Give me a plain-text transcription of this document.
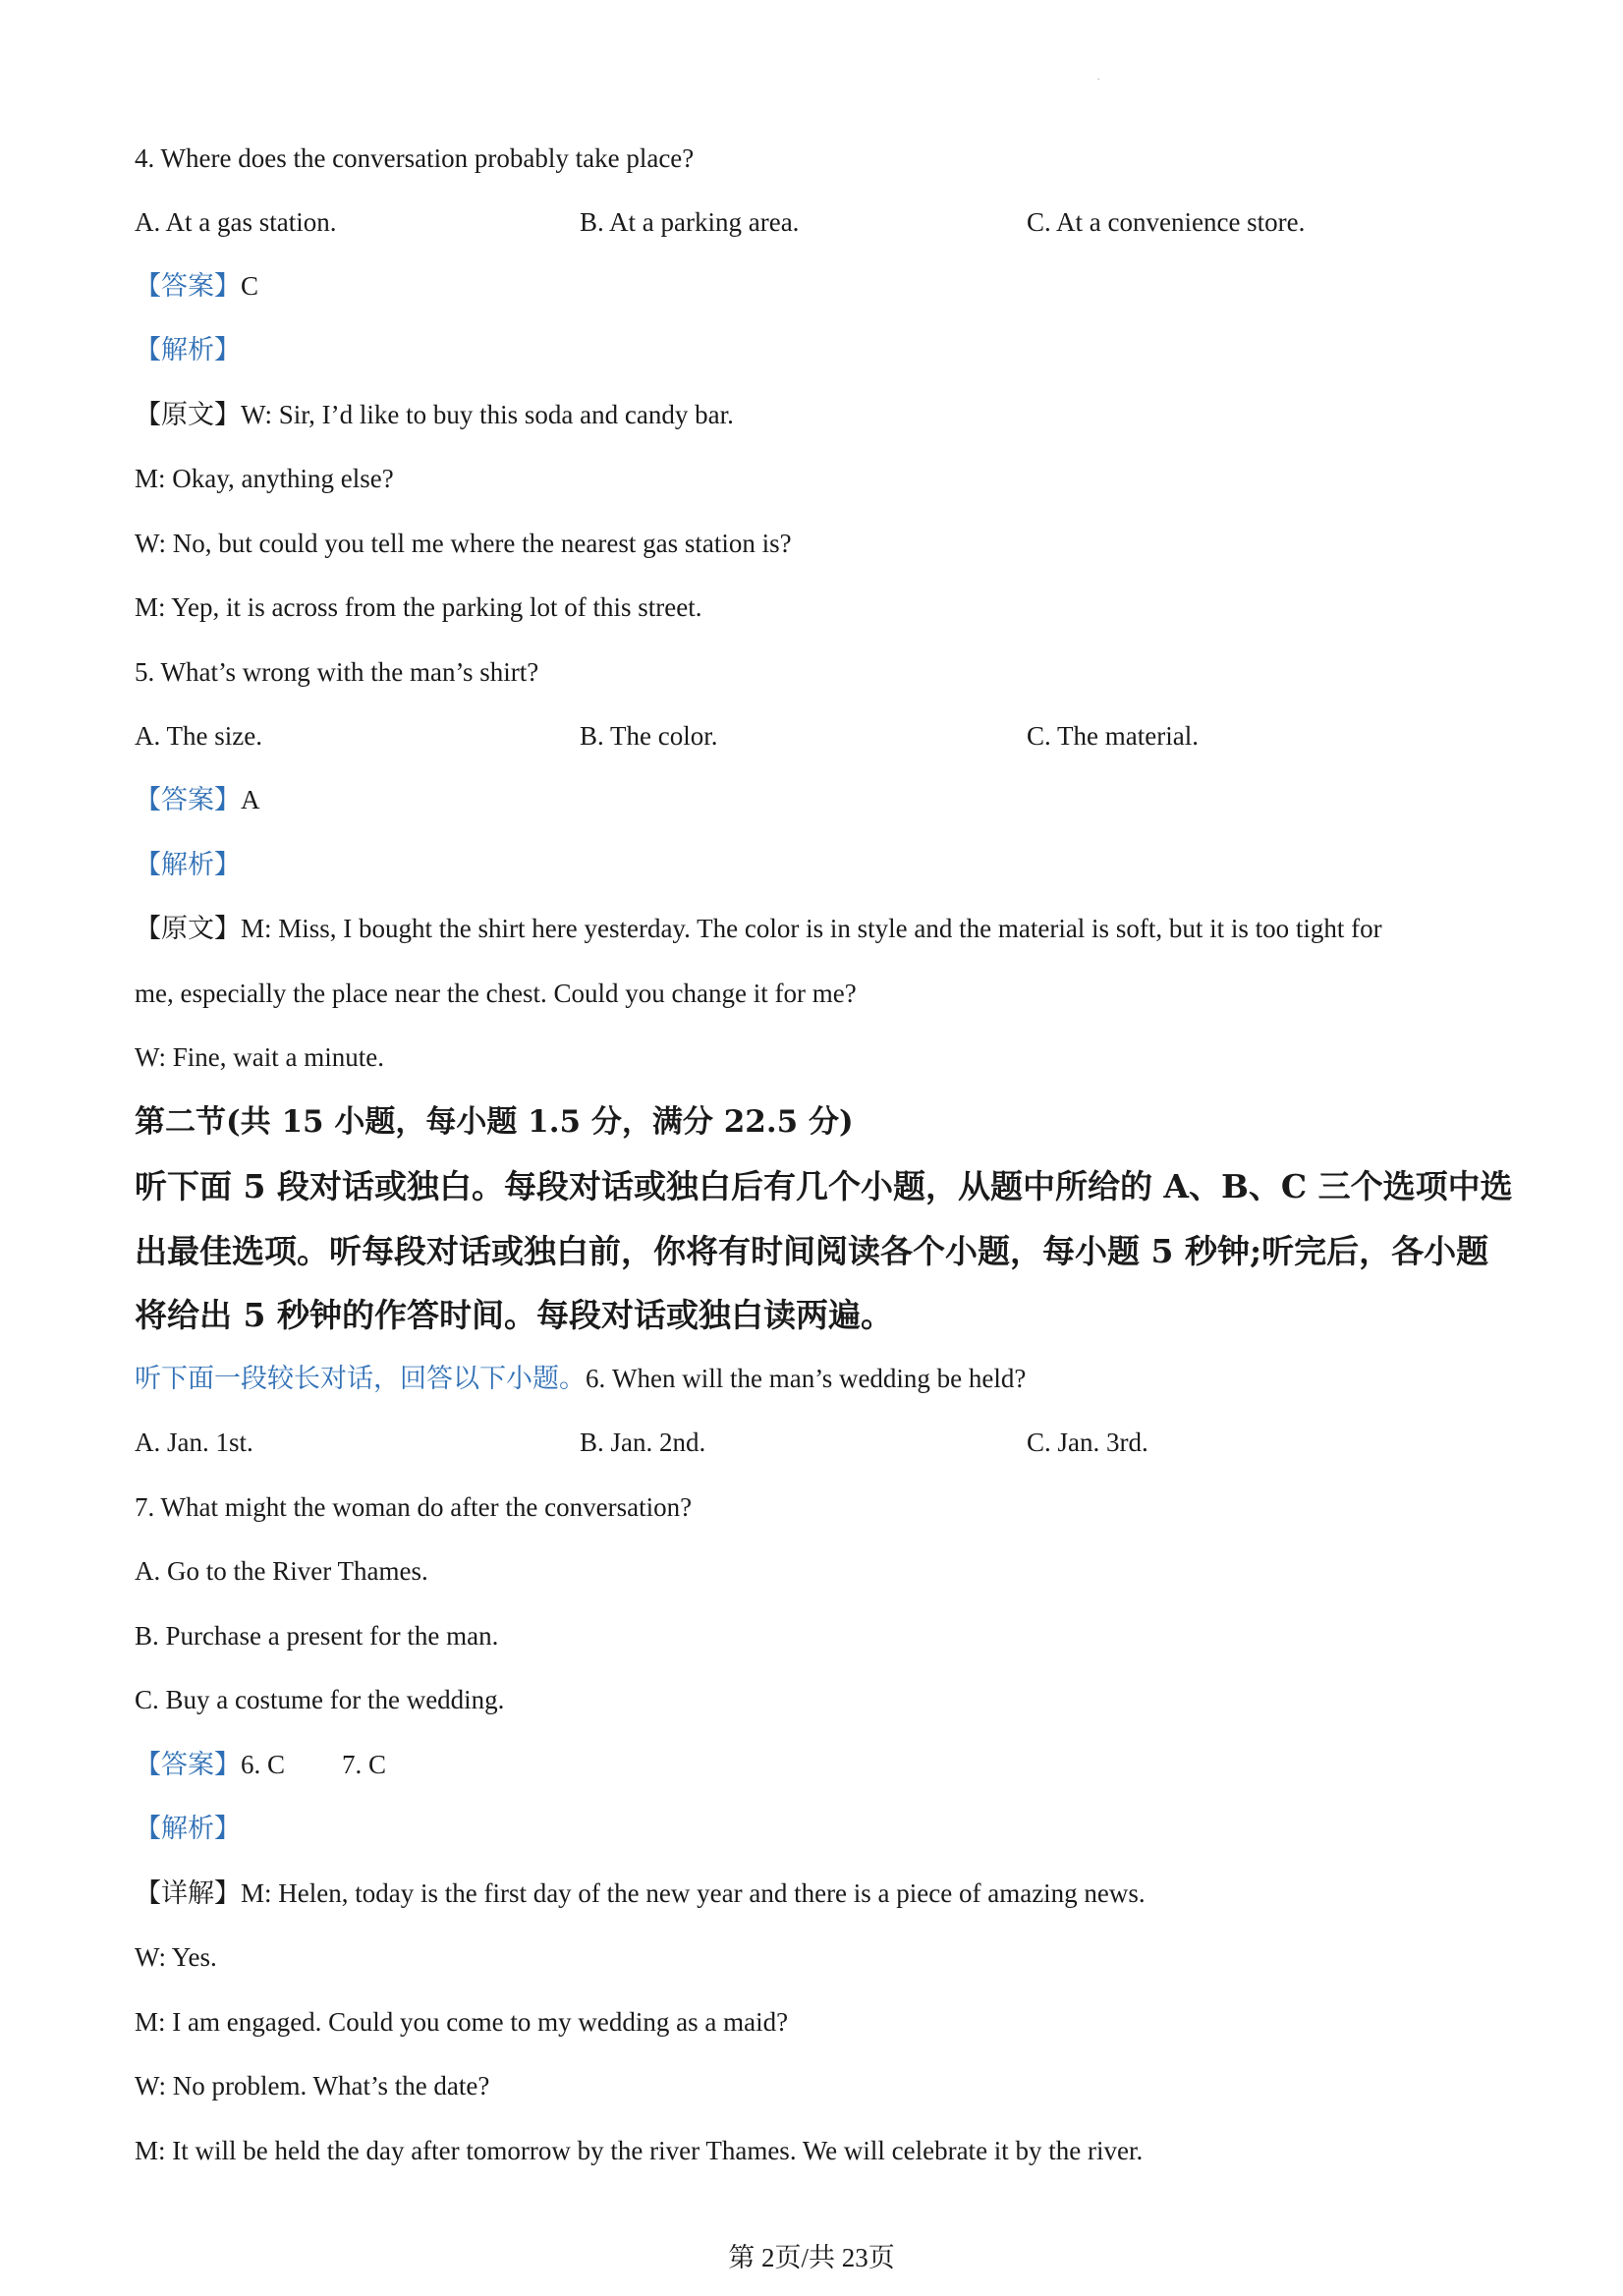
.
4. Where does the conversation probably take place?
A. At a gas station.	B. At a parking area.	C. At a convenience store.
【答案】C
【解析】
【原文】W: Sir, I’d like to buy this soda and candy bar.
M: Okay, anything else?
W: No, but could you tell me where the nearest gas station is?
M: Yep, it is across from the parking lot of this street.
5. What’s wrong with the man’s shirt?
A. The size.	B. The color.	C. The material.
【答案】A
【解析】
【原文】M: Miss, I bought the shirt here yesterday. The color is in style and the material is soft, but it is too tight for
me, especially the place near the chest. Could you change it for me?
W: Fine, wait a minute.
第二节(共 15 小题，每小题 1.5 分，满分 22.5 分)
听下面 5 段对话或独白。每段对话或独白后有几个小题，从题中所给的 A、B、C 三个选项中选
出最佳选项。听每段对话或独白前，你将有时间阅读各个小题，每小题 5 秒钟;听完后，各小题
将给出 5 秒钟的作答时间。每段对话或独白读两遍。
听下面一段较长对话，回答以下小题。6. When will the man’s wedding be held?
A. Jan. 1st.	B. Jan. 2nd.	C. Jan. 3rd.
7. What might the woman do after the conversation?
A. Go to the River Thames.
B. Purchase a present for the man.
C. Buy a costume for the wedding.
【答案】6. C 7. C
【解析】
【详解】M: Helen, today is the first day of the new year and there is a piece of amazing news.
W: Yes.
M: I am engaged. Could you come to my wedding as a maid?
W: No problem. What’s the date?
M: It will be held the day after tomorrow by the river Thames. We will celebrate it by the river.
第 2页/共 23页
